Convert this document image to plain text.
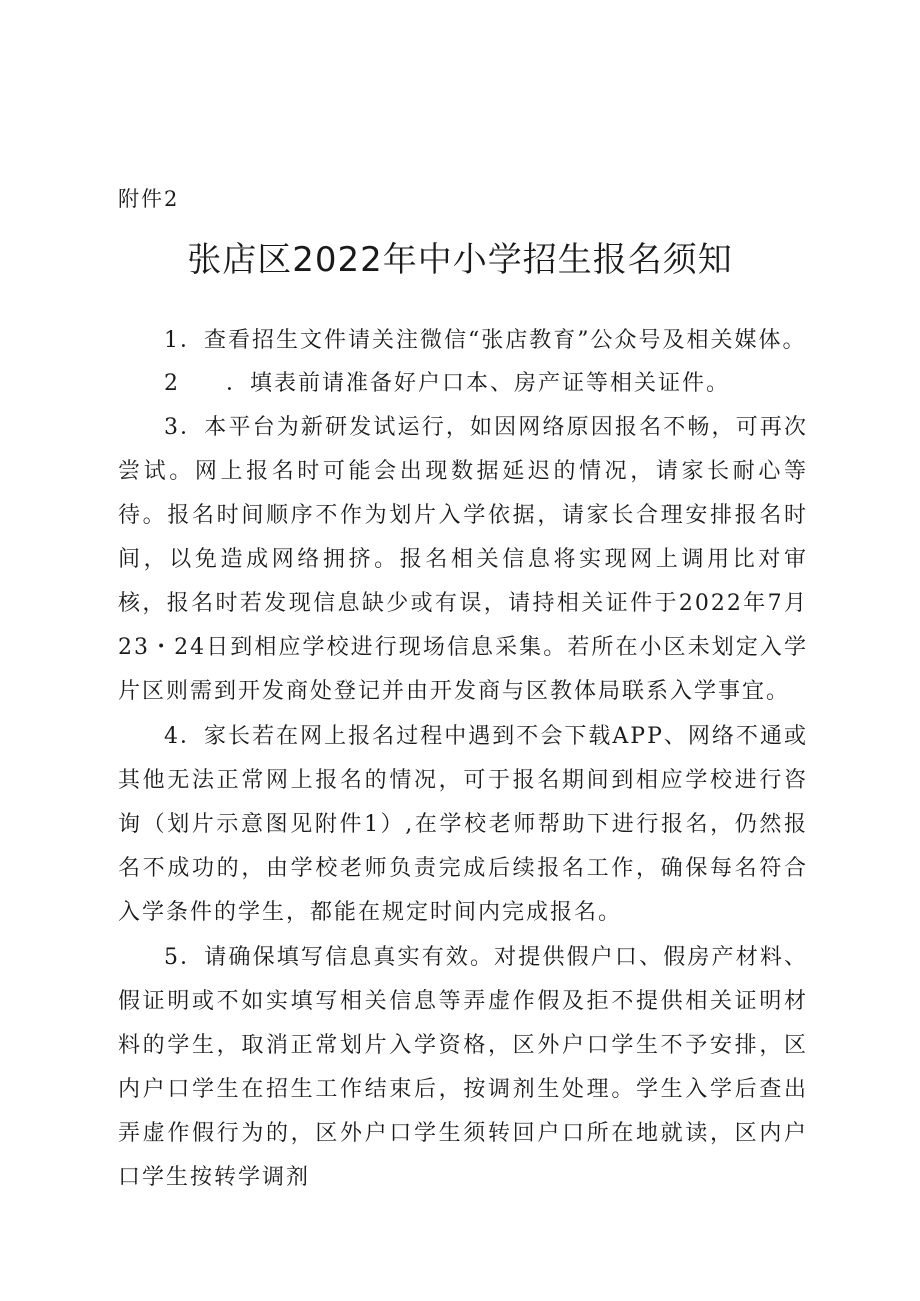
附件2

张店区2022年中小学招生报名须知

1．查看招生文件请关注微信“张店教育”公众号及相关媒体。

2 ．填表前请准备好户口本、房产证等相关证件。

3．本平台为新研发试运行，如因网络原因报名不畅，可再次尝试。网上报名时可能会出现数据延迟的情况，请家长耐心等待。报名时间顺序不作为划片入学依据，请家长合理安排报名时间，以免造成网络拥挤。报名相关信息将实现网上调用比对审核，报名时若发现信息缺少或有误，请持相关证件于2022年7月23・24日到相应学校进行现场信息采集。若所在小区未划定入学片区则需到开发商处登记并由开发商与区教体局联系入学事宜。

4．家长若在网上报名过程中遇到不会下载APP、网络不通或其他无法正常网上报名的情况，可于报名期间到相应学校进行咨询（划片示意图见附件1）,在学校老师帮助下进行报名，仍然报名不成功的，由学校老师负责完成后续报名工作，确保每名符合入学条件的学生，都能在规定时间内完成报名。

5．请确保填写信息真实有效。对提供假户口、假房产材料、假证明或不如实填写相关信息等弄虚作假及拒不提供相关证明材料的学生，取消正常划片入学资格，区外户口学生不予安排，区内户口学生在招生工作结束后，按调剂生处理。学生入学后查出弄虚作假行为的，区外户口学生须转回户口所在地就读，区内户口学生按转学调剂
